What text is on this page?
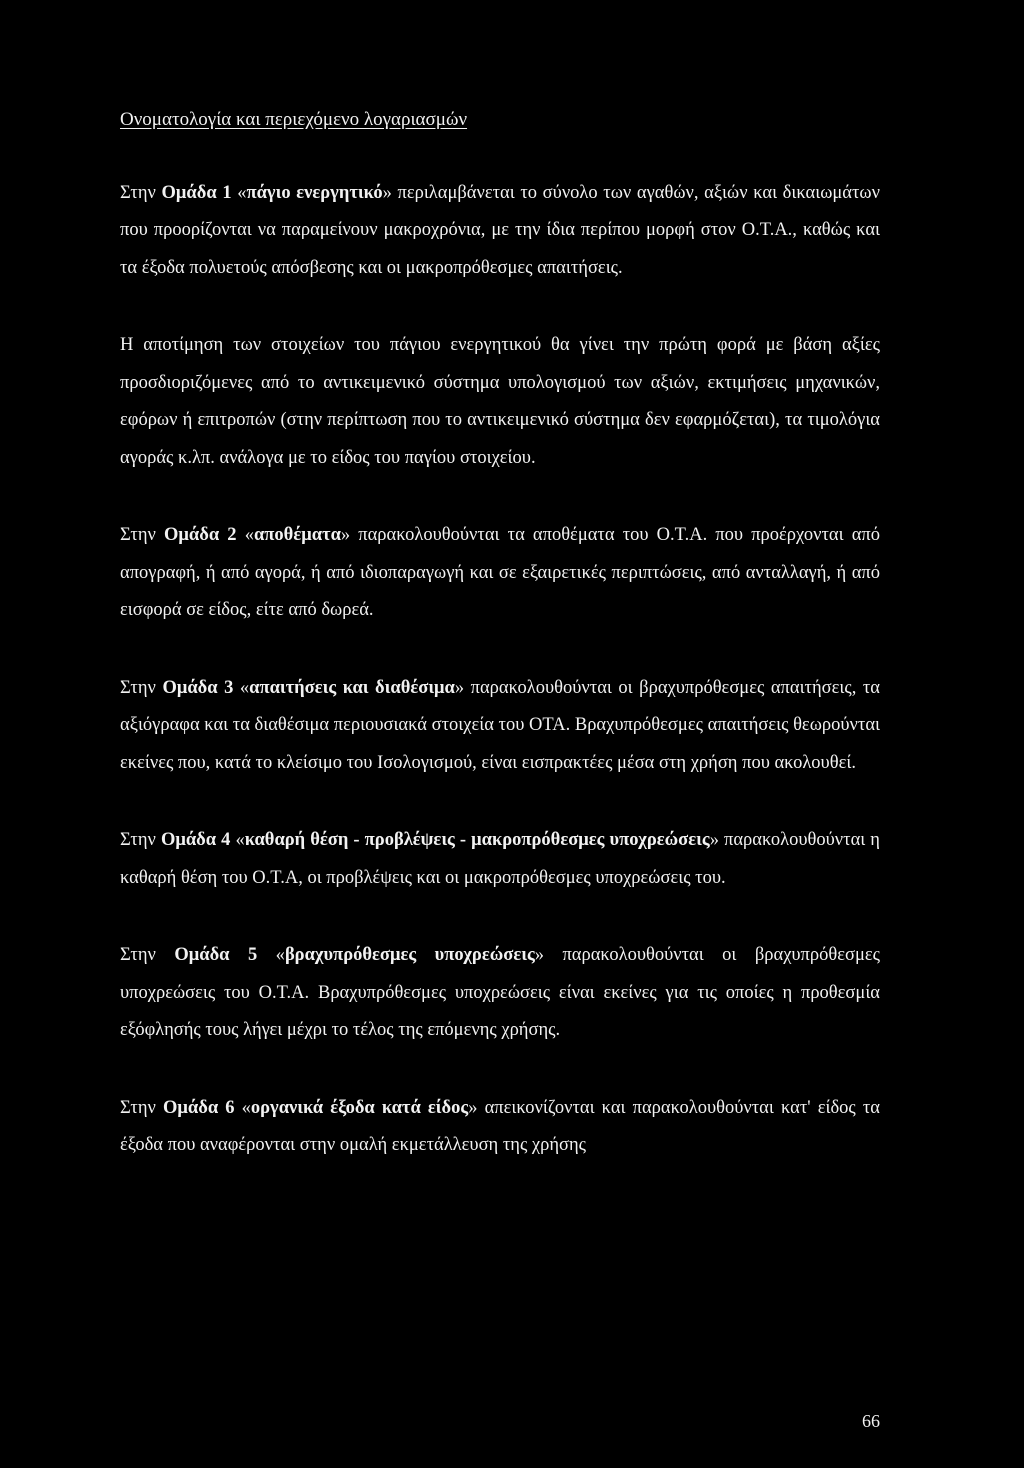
Ονοματολογία και περιεχόμενο λογαριασμών

Στην Ομάδα 1 «πάγιο ενεργητικό» περιλαμβάνεται το σύνολο των αγαθών, αξιών και δικαιωμάτων που προορίζονται να παραμείνουν μακροχρόνια, με την ίδια περίπου μορφή στον Ο.Τ.Α., καθώς και τα έξοδα πολυετούς απόσβεσης και οι μακροπρόθεσμες απαιτήσεις.

Η αποτίμηση των στοιχείων του πάγιου ενεργητικού θα γίνει την πρώτη φορά με βάση αξίες προσδιοριζόμενες από το αντικειμενικό σύστημα υπολογισμού των αξιών, εκτιμήσεις μηχανικών, εφόρων ή επιτροπών (στην περίπτωση που το αντικειμενικό σύστημα δεν εφαρμόζεται), τα τιμολόγια αγοράς κ.λπ. ανάλογα με το είδος του παγίου στοιχείου.

Στην Ομάδα 2 «αποθέματα» παρακολουθούνται τα αποθέματα του Ο.Τ.Α. που προέρχονται από απογραφή, ή από αγορά, ή από ιδιοπαραγωγή και σε εξαιρετικές περιπτώσεις, από ανταλλαγή, ή από εισφορά σε είδος, είτε από δωρεά.

Στην Ομάδα 3 «απαιτήσεις και διαθέσιμα» παρακολουθούνται οι βραχυπρόθεσμες απαιτήσεις, τα αξιόγραφα και τα διαθέσιμα περιουσιακά στοιχεία του ΟΤΑ. Βραχυπρόθεσμες απαιτήσεις θεωρούνται εκείνες που, κατά το κλείσιμο του Ισολογισμού, είναι εισπρακτέες μέσα στη χρήση που ακολουθεί.

Στην Ομάδα 4 «καθαρή θέση - προβλέψεις - μακροπρόθεσμες υποχρεώσεις» παρακολουθούνται η καθαρή θέση του Ο.Τ.Α, οι προβλέψεις και οι μακροπρόθεσμες υποχρεώσεις του.

Στην Ομάδα 5 «βραχυπρόθεσμες υποχρεώσεις» παρακολουθούνται οι βραχυπρόθεσμες υποχρεώσεις του Ο.Τ.Α. Βραχυπρόθεσμες υποχρεώσεις είναι εκείνες για τις οποίες η προθεσμία εξόφλησής τους λήγει μέχρι το τέλος της επόμενης χρήσης.

Στην Ομάδα 6 «οργανικά έξοδα κατά είδος» απεικονίζονται και παρακολουθούνται κατ' είδος τα έξοδα που αναφέρονται στην ομαλή εκμετάλλευση της χρήσης

66
